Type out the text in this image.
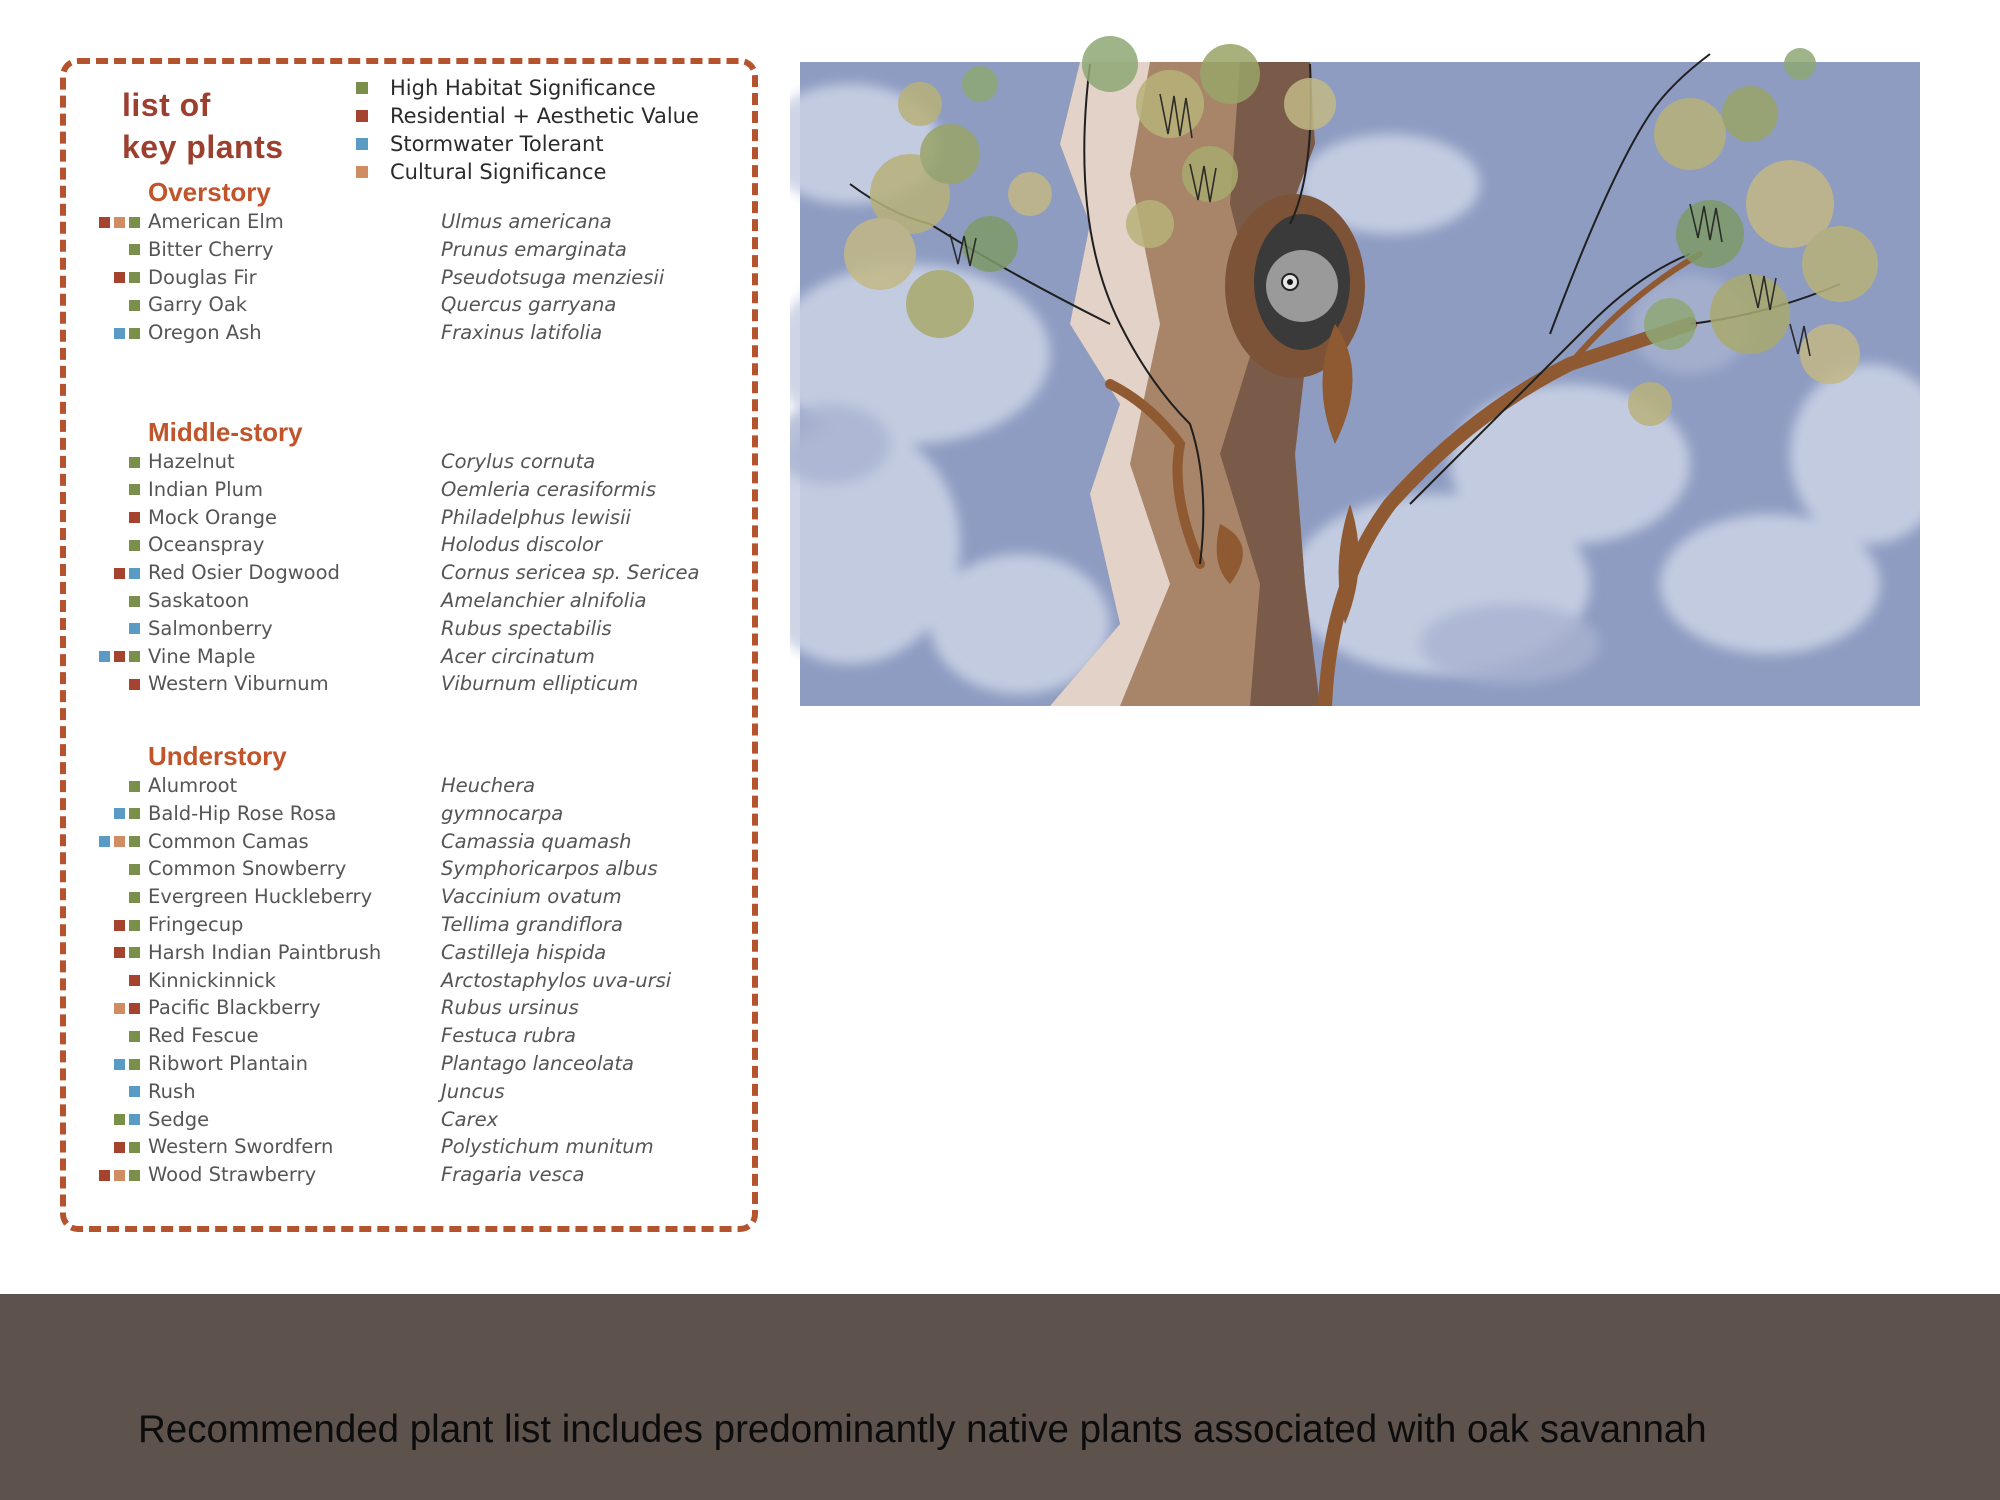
list of
key plants
High Habitat Significance
Residential + Aesthetic Value
Stormwater Tolerant
Cultural Significance
Overstory
American Elm	Ulmus americana
Bitter Cherry	Prunus emarginata
Douglas Fir	Pseudotsuga menziesii
Garry Oak	Quercus garryana
Oregon Ash	Fraxinus latifolia
Middle-story
Hazelnut	Corylus cornuta
Indian Plum	Oemleria cerasiformis
Mock Orange	Philadelphus lewisii
Oceanspray	Holodus discolor
Red Osier Dogwood	Cornus sericea sp. Sericea
Saskatoon	Amelanchier alnifolia
Salmonberry	Rubus spectabilis
Vine Maple	Acer circinatum
Western Viburnum	Viburnum ellipticum
Understory
Alumroot	Heuchera
Bald-Hip Rose Rosa	gymnocarpa
Common Camas	Camassia quamash
Common Snowberry	Symphoricarpos albus
Evergreen Huckleberry	Vaccinium ovatum
Fringecup	Tellima grandiflora
Harsh Indian Paintbrush	Castilleja hispida
Kinnickinnick	Arctostaphylos uva-ursi
Pacific Blackberry	Rubus ursinus
Red Fescue	Festuca rubra
Ribwort Plantain	Plantago lanceolata
Rush	Juncus
Sedge	Carex
Western Swordfern	Polystichum munitum
Wood Strawberry	Fragaria vesca

Recommended plant list includes predominantly native plants associated with oak savannah
